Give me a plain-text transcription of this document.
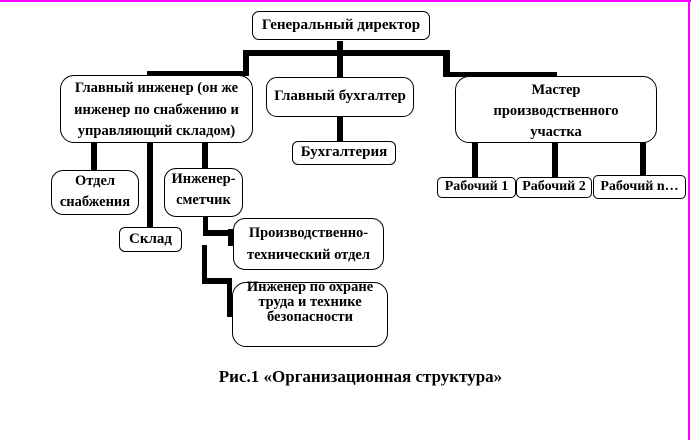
Генеральный директор
Главный инженер (он же
инженер по снабжению и
управляющий складом)
Главный бухгалтер	Мастер
производственного
участка
Бухгалтерия
Отдел
снабжения
Инженер-
сметчик
Склад	Производственно-
технический отдел
Инженер по охране
труда и технике
безопасности
Рабочий 1 Рабочий 2	Рабочий n…
Рис.1 «Организационная структура»
